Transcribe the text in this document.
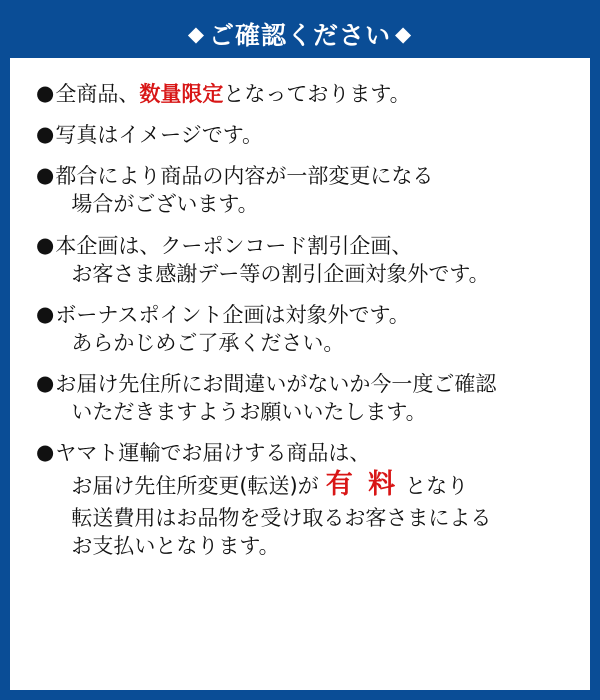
◆ ご確認ください ◆
● 全商品、数量限定となっております。
● 写真はイメージです。
● 都合により商品の内容が一部変更になる
場合がございます。
● 本企画は、クーポンコード割引企画、
お客さま感謝デー等の割引企画対象外です。
● ボーナスポイント企画は対象外です。
あらかじめご了承ください。
● お届け先住所にお間違いがないか今一度ご確認
いただきますようお願いいたします。
● ヤマト運輸でお届けする商品は、
お届け先住所変更(転送)が 有 料 となり
転送費用はお品物を受け取るお客さまによる
お支払いとなります。
